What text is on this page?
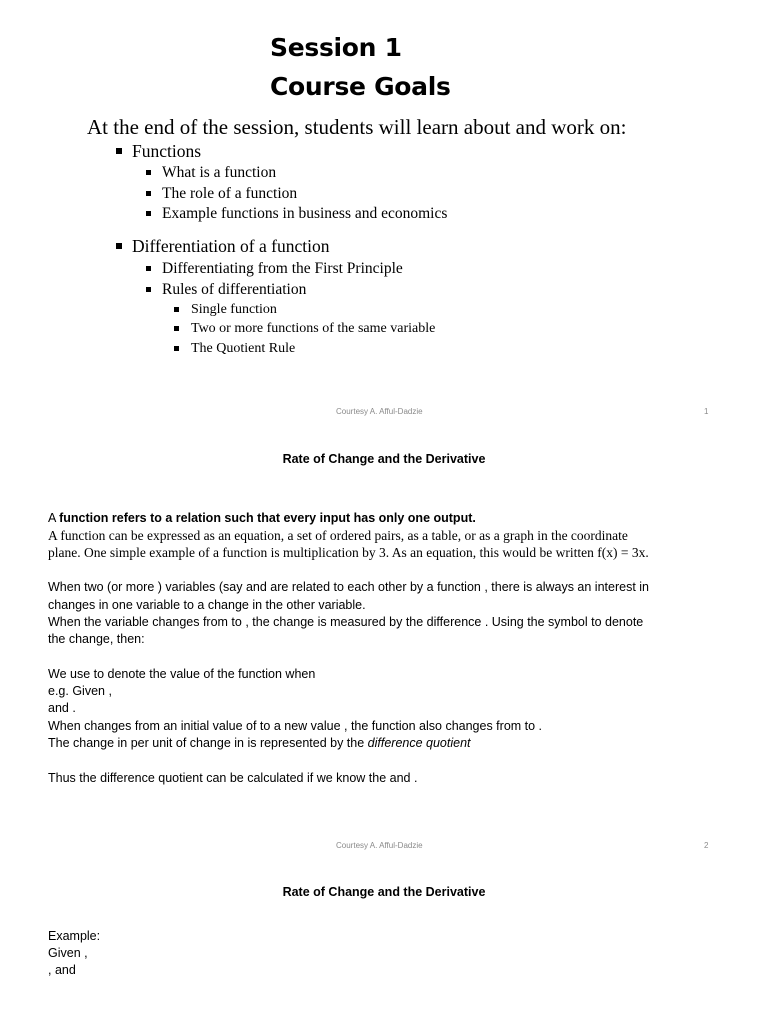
Session 1
Course Goals
At the end of the session, students will learn about and work on:
Functions
What is a function
The role of a function
Example functions in business and economics
Differentiation of a function
Differentiating from the First Principle
Rules of differentiation
Single function
Two or more functions of the same variable
The Quotient Rule
Courtesy A. Afful-Dadzie	1
Rate of Change and the Derivative
A function refers to a relation such that every input has only one output.
A function can be expressed as an equation, a set of ordered pairs, as a table, or as a graph in the coordinate
plane. One simple example of a function is multiplication by 3. As an equation, this would be written f(x) = 3x.
When two (or more ) variables (say and are related to each other by a function , there is always an interest in
changes in one variable to a change in the other variable.
When the variable changes from to , the change is measured by the difference . Using the symbol to denote
the change, then:
We use to denote the value of the function when
e.g. Given ,
and .
When changes from an initial value of to a new value , the function also changes from to .
The change in per unit of change in is represented by the difference quotient
Thus the difference quotient can be calculated if we know the and .
Courtesy A. Afful-Dadzie	2
Rate of Change and the Derivative
Example:
Given ,
, and
